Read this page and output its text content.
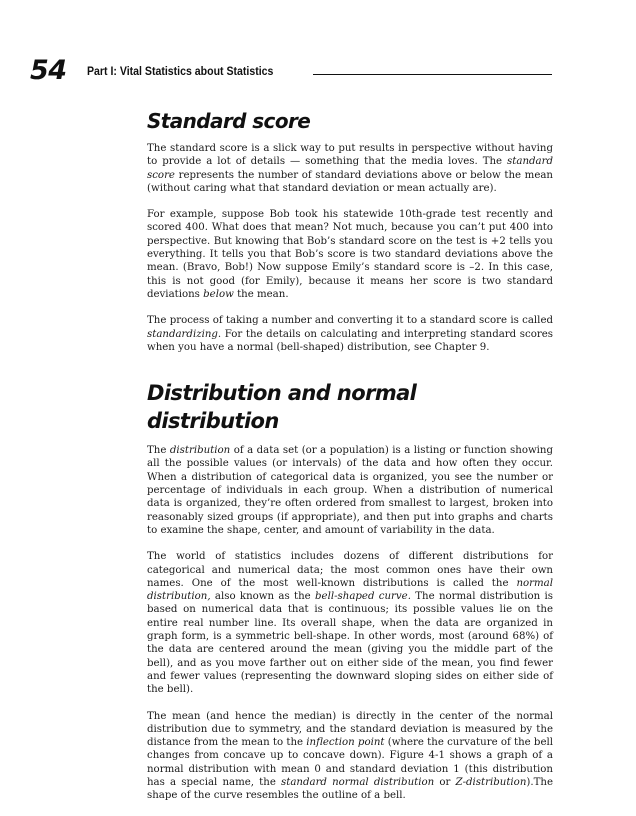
54 Part I: Vital Statistics about Statistics
Standard score

The standard score is a slick way to put results in perspective without having to provide a lot of details — something that the media loves. The standard score represents the number of standard deviations above or below the mean (without caring what that standard deviation or mean actually are).

For example, suppose Bob took his statewide 10th-grade test recently and scored 400. What does that mean? Not much, because you can’t put 400 into perspective. But knowing that Bob’s standard score on the test is +2 tells you everything. It tells you that Bob’s score is two standard deviations above the mean. (Bravo, Bob!) Now suppose Emily’s standard score is –2. In this case, this is not good (for Emily), because it means her score is two standard deviations below the mean.

The process of taking a number and converting it to a standard score is called standardizing. For the details on calculating and interpreting standard scores when you have a normal (bell-shaped) distribution, see Chapter 9.

Distribution and normal distribution

The distribution of a data set (or a population) is a listing or function showing all the possible values (or intervals) of the data and how often they occur. When a distribution of categorical data is organized, you see the number or percentage of individuals in each group. When a distribution of numerical data is organized, they’re often ordered from smallest to largest, broken into reasonably sized groups (if appropriate), and then put into graphs and charts to examine the shape, center, and amount of variability in the data.

The world of statistics includes dozens of different distributions for categorical and numerical data; the most common ones have their own names. One of the most well-known distributions is called the normal distribution, also known as the bell-shaped curve. The normal distribution is based on numerical data that is continuous; its possible values lie on the entire real number line. Its overall shape, when the data are organized in graph form, is a symmetric bell-shape. In other words, most (around 68%) of the data are centered around the mean (giving you the middle part of the bell), and as you move farther out on either side of the mean, you find fewer and fewer values (representing the downward sloping sides on either side of the bell).

The mean (and hence the median) is directly in the center of the normal distribution due to symmetry, and the standard deviation is measured by the distance from the mean to the inflection point (where the curvature of the bell changes from concave up to concave down). Figure 4-1 shows a graph of a normal distribution with mean 0 and standard deviation 1 (this distribution has a special name, the standard normal distribution or Z-distribution).The shape of the curve resembles the outline of a bell.
